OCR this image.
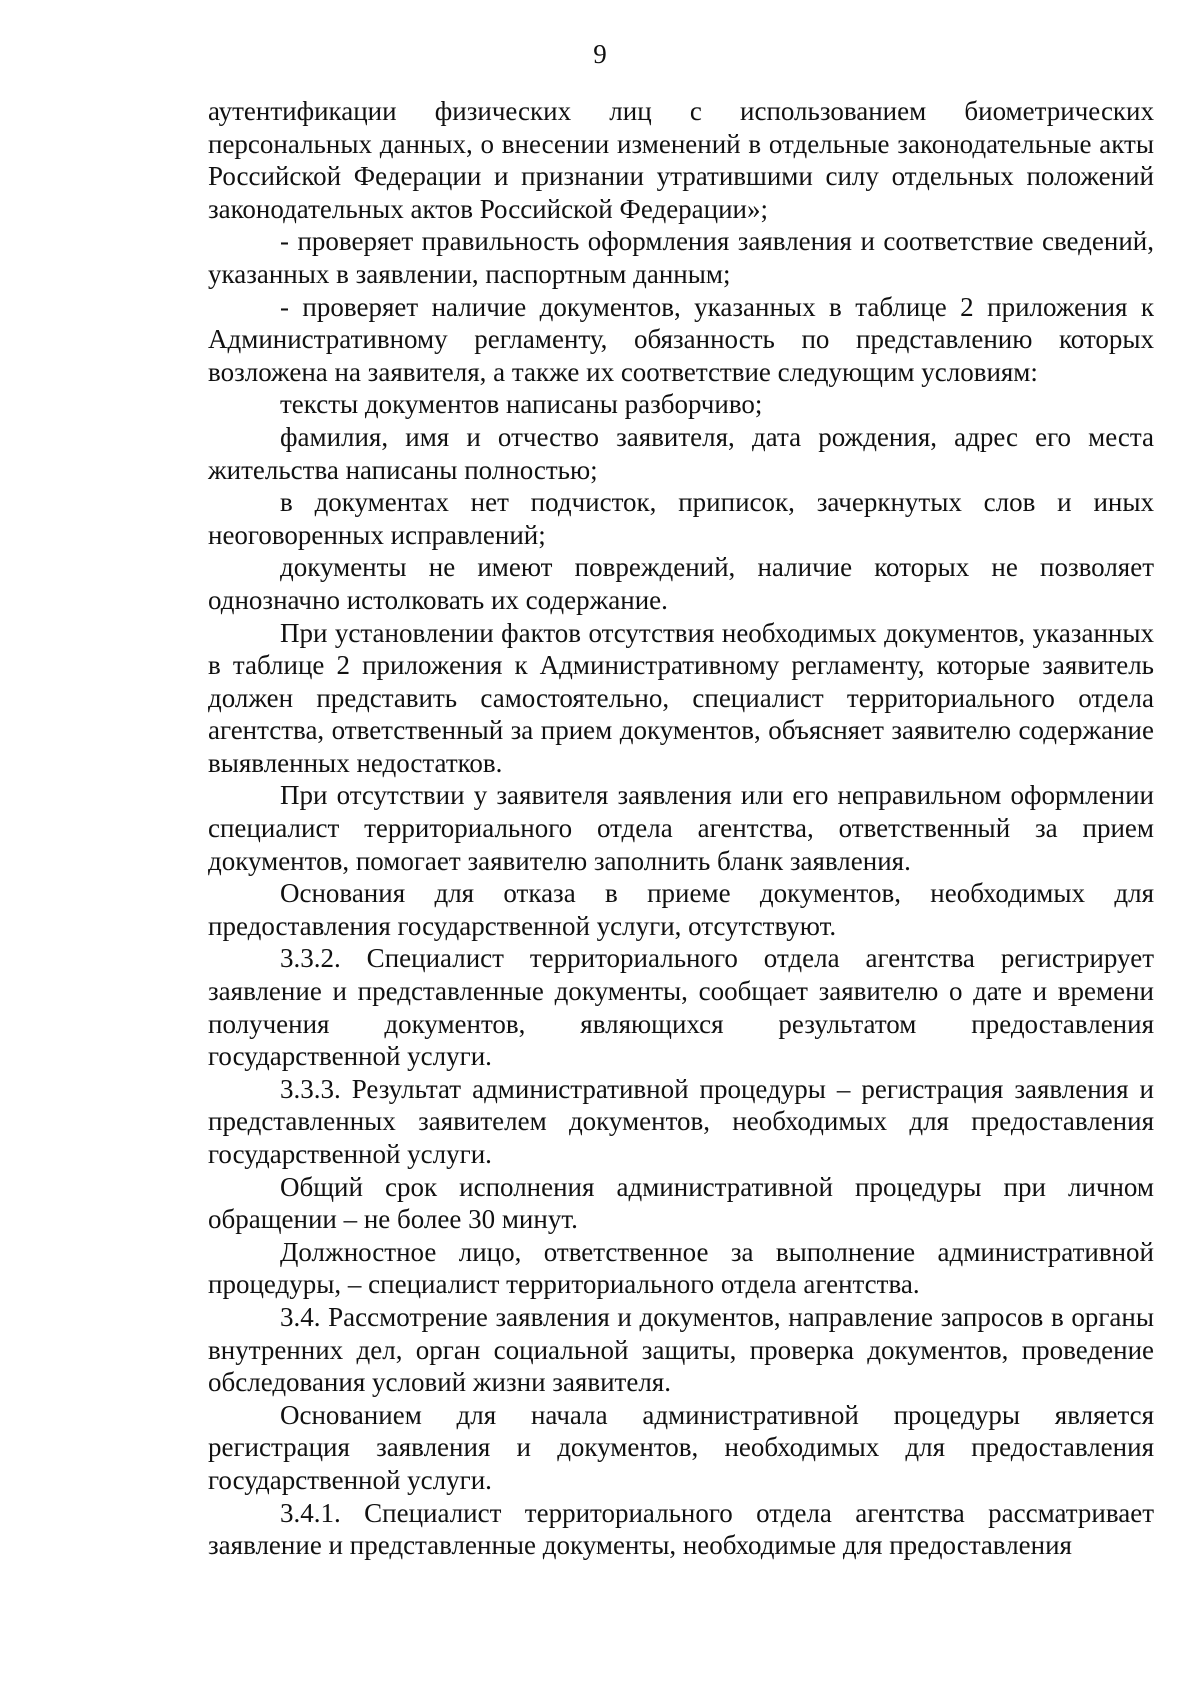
9

аутентификации физических лиц с использованием биометрических персональных данных, о внесении изменений в отдельные законодательные акты Российской Федерации и признании утратившими силу отдельных положений законодательных актов Российской Федерации»;

- проверяет правильность оформления заявления и соответствие сведений, указанных в заявлении, паспортным данным;

- проверяет наличие документов, указанных в таблице 2 приложения к Административному регламенту, обязанность по представлению которых возложена на заявителя, а также их соответствие следующим условиям:

тексты документов написаны разборчиво;

фамилия, имя и отчество заявителя, дата рождения, адрес его места жительства написаны полностью;

в документах нет подчисток, приписок, зачеркнутых слов и иных неоговоренных исправлений;

документы не имеют повреждений, наличие которых не позволяет однозначно истолковать их содержание.

При установлении фактов отсутствия необходимых документов, указанных в таблице 2 приложения к Административному регламенту, которые заявитель должен представить самостоятельно, специалист территориального отдела агентства, ответственный за прием документов, объясняет заявителю содержание выявленных недостатков.

При отсутствии у заявителя заявления или его неправильном оформлении специалист территориального отдела агентства, ответственный за прием документов, помогает заявителю заполнить бланк заявления.

Основания для отказа в приеме документов, необходимых для предоставления государственной услуги, отсутствуют.

3.3.2. Специалист территориального отдела агентства регистрирует заявление и представленные документы, сообщает заявителю о дате и времени получения документов, являющихся результатом предоставления государственной услуги.

3.3.3. Результат административной процедуры – регистрация заявления и представленных заявителем документов, необходимых для предоставления государственной услуги.

Общий срок исполнения административной процедуры при личном обращении – не более 30 минут.

Должностное лицо, ответственное за выполнение административной процедуры, – специалист территориального отдела агентства.

3.4. Рассмотрение заявления и документов, направление запросов в органы внутренних дел, орган социальной защиты, проверка документов, проведение обследования условий жизни заявителя.

Основанием для начала административной процедуры является регистрация заявления и документов, необходимых для предоставления государственной услуги.

3.4.1. Специалист территориального отдела агентства рассматривает заявление и представленные документы, необходимые для предоставления
